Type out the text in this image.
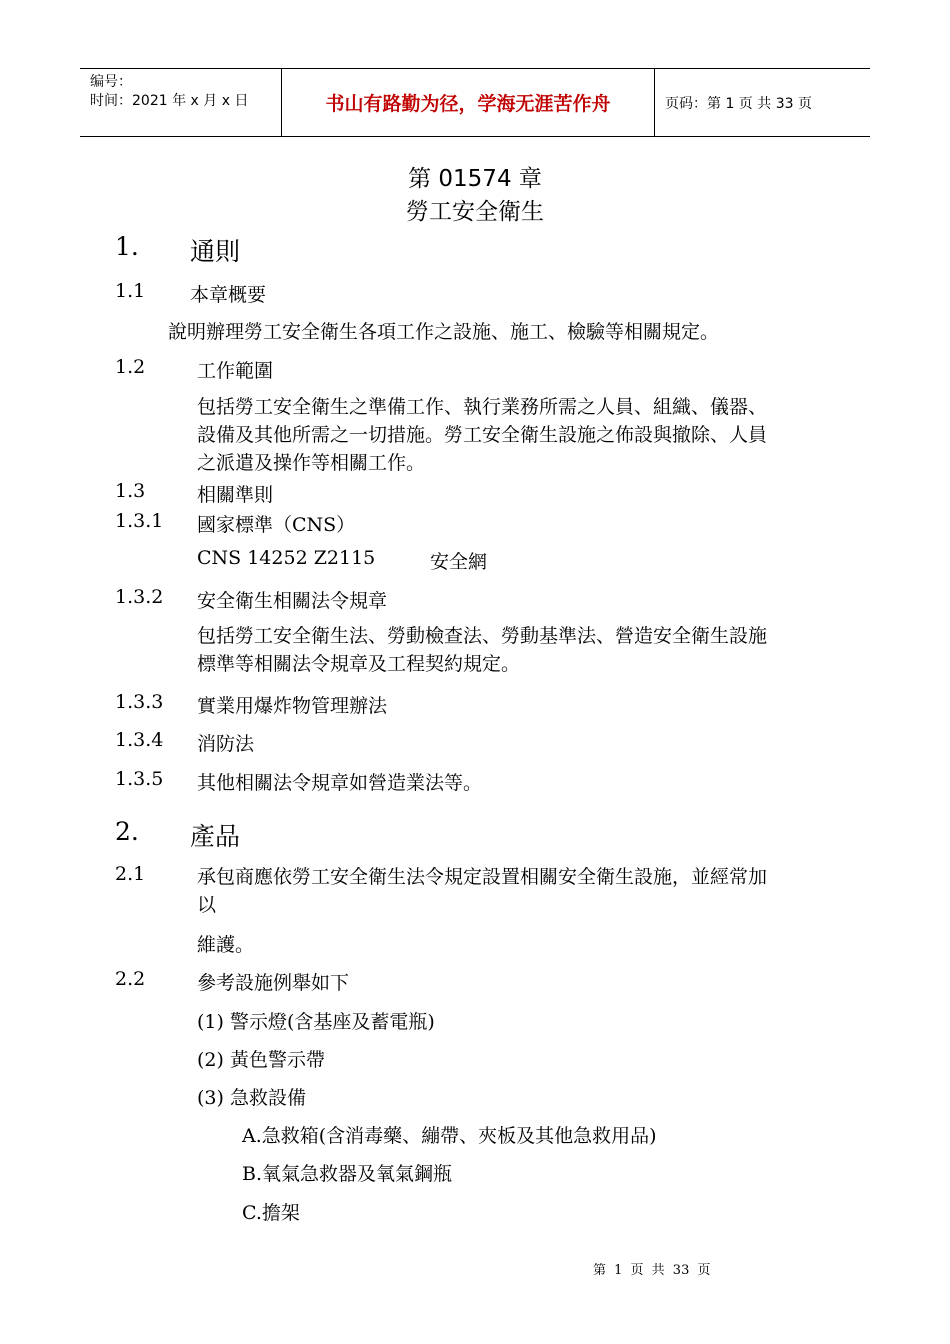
编号：
时间：2021 年 x 月 x 日	书山有路勤为径，学海无涯苦作舟	页码：第 1 页 共 33 页
第 01574 章
勞工安全衛生
1. 通則
1.1 本章概要
說明辦理勞工安全衛生各項工作之設施、施工、檢驗等相關規定。
1.2	工作範圍
包括勞工安全衛生之準備工作、執行業務所需之人員、組織、儀器、
設備及其他所需之一切措施。勞工安全衛生設施之佈設與撤除、人員
之派遣及操作等相關工作。
1.3	相關準則
1.3.1 國家標準（CNS）
CNS 14252 Z2115	安全網
1.3.2 安全衛生相關法令規章
包括勞工安全衛生法、勞動檢查法、勞動基準法、營造安全衛生設施
標準等相關法令規章及工程契約規定。
1.3.3 實業用爆炸物管理辦法
1.3.4 消防法
1.3.5 其他相關法令規章如營造業法等。
2. 產品
2.1	承包商應依勞工安全衛生法令規定設置相關安全衛生設施，並經常加
以
維護。
2.2	參考設施例舉如下
(1) 警示燈(含基座及蓄電瓶)
(2) 黃色警示帶
(3) 急救設備
A.急救箱(含消毒藥、繃帶、夾板及其他急救用品)
B.氧氣急救器及氧氣鋼瓶
C.擔架
第 1 页 共 33 页
